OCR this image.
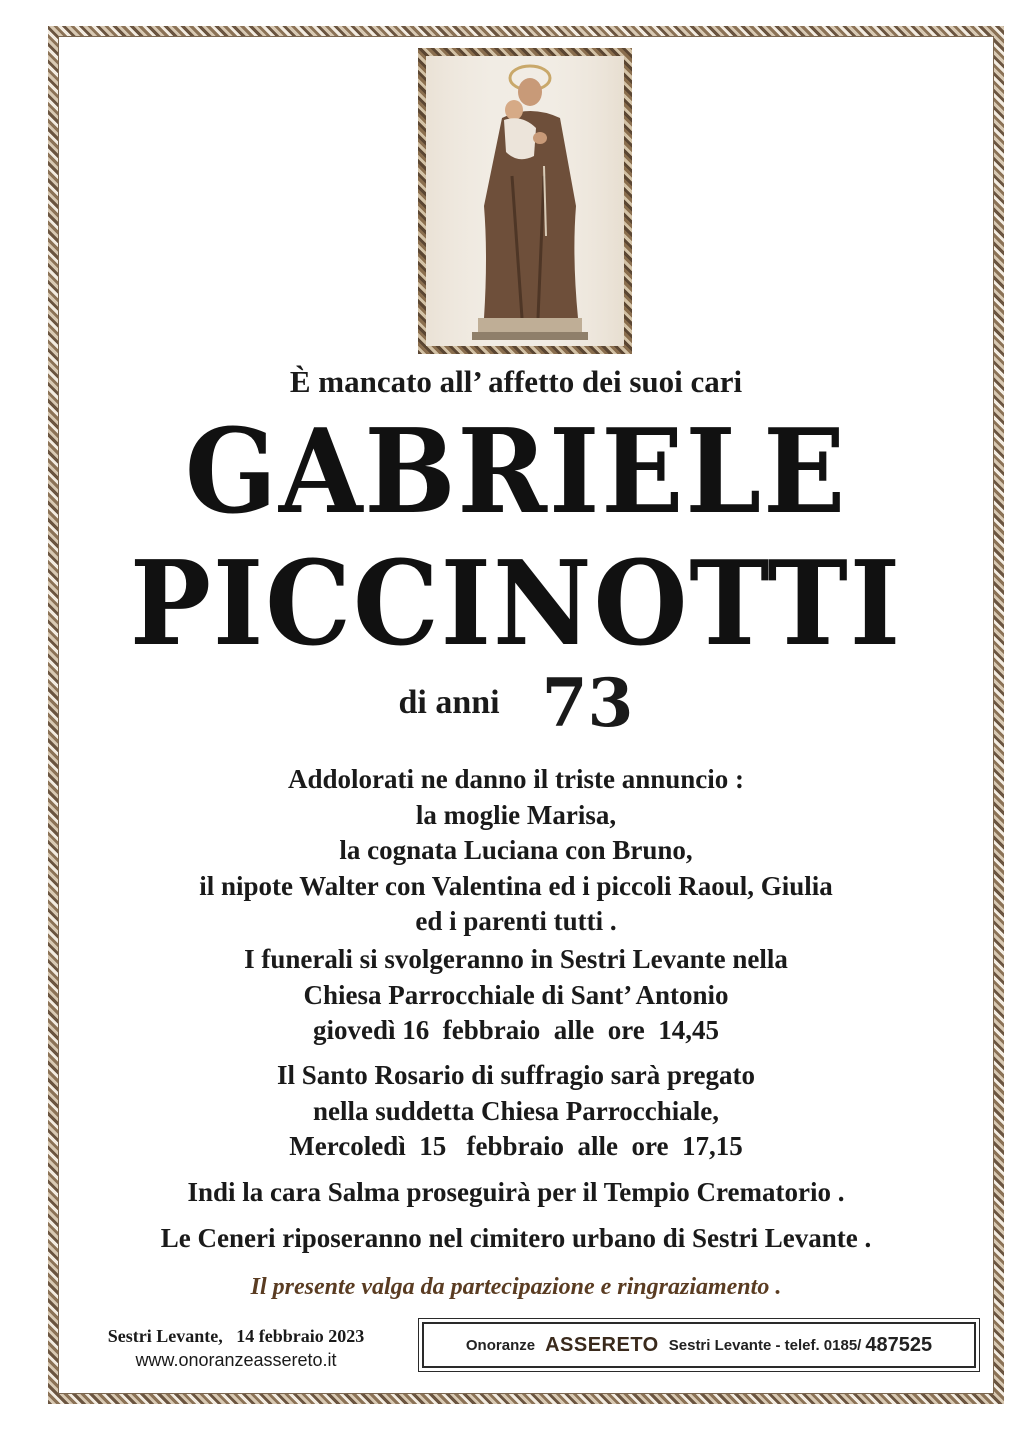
È mancato all’ affetto dei suoi cari
GABRIELE
PICCINOTTI
di anni 73
Addolorati ne danno il triste annuncio :
la moglie Marisa,
la cognata Luciana con Bruno,
il nipote Walter con Valentina ed i piccoli Raoul, Giulia
ed i parenti tutti .
I funerali si svolgeranno in Sestri Levante nella
Chiesa Parrocchiale di Sant’ Antonio
giovedì 16  febbraio  alle  ore  14,45
Il Santo Rosario di suffragio sarà pregato
nella suddetta Chiesa Parrocchiale,
Mercoledì  15   febbraio  alle  ore  17,15
Indi la cara Salma proseguirà per il Tempio Crematorio .
Le Ceneri riposeranno nel cimitero urbano di Sestri Levante .
Il presente valga da partecipazione e ringraziamento .
Sestri Levante,   14 febbraio 2023
www.onoranzeassereto.it
Onoranze ASSERETO Sestri Levante - telef. 0185/ 487525
